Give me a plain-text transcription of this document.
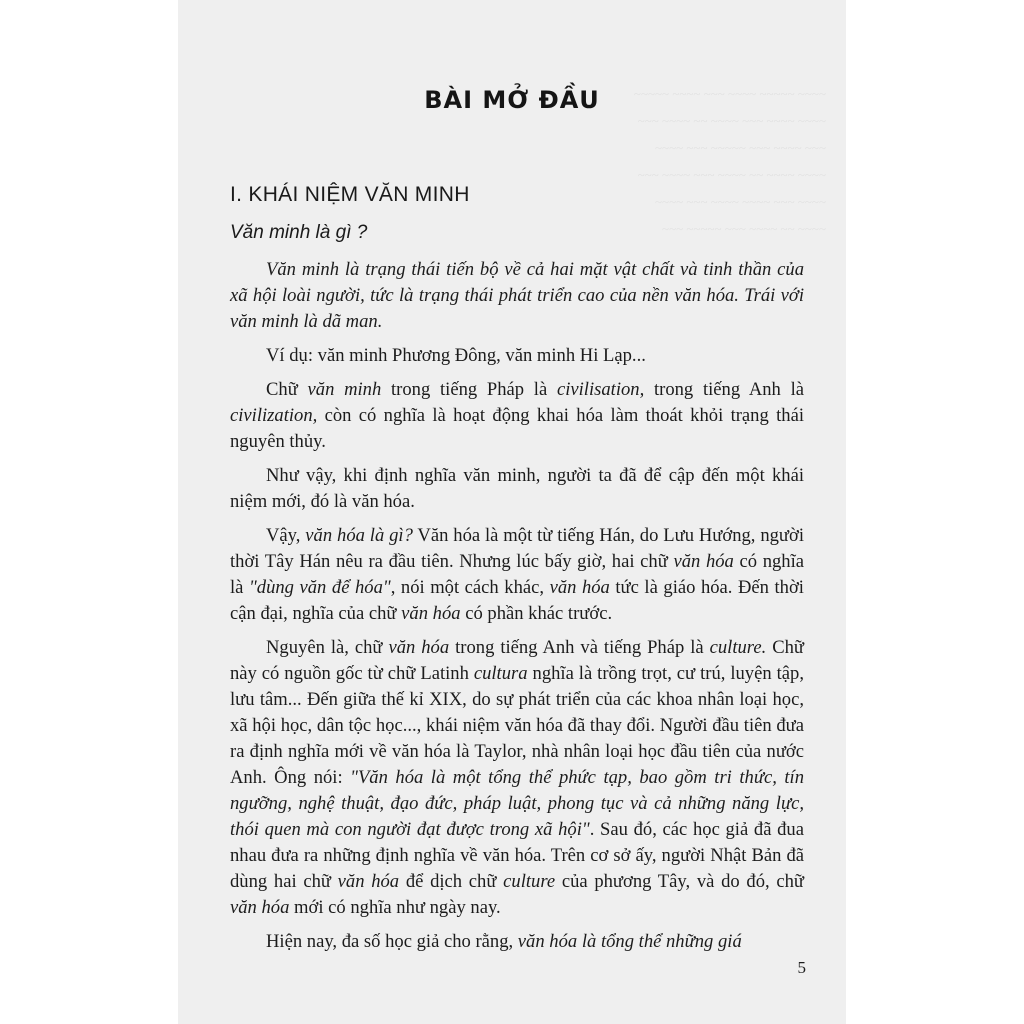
~~~~~ ~~~~ ~~~ ~~~~ ~~~~~ ~~~~
~~~ ~~~~ ~~ ~~~~ ~~~ ~~~~ ~~~~
~~~~ ~~~ ~~~~~ ~~~ ~~~~ ~~~
~~~ ~~~~ ~~~ ~~~~ ~~ ~~~~ ~~~~
~~~~ ~~~ ~~~~ ~~~~ ~~~ ~~~~
~~~ ~~~~~ ~~~ ~~~~ ~~ ~~~~
BÀI MỞ ĐẦU
I. KHÁI NIỆM VĂN MINH
Văn minh là gì ?

Văn minh là trạng thái tiến bộ về cả hai mặt vật chất và tinh thần của xã hội loài người, tức là trạng thái phát triển cao của nền văn hóa. Trái với văn minh là dã man.

Ví dụ: văn minh Phương Đông, văn minh Hi Lạp...

Chữ văn minh trong tiếng Pháp là civilisation, trong tiếng Anh là civilization, còn có nghĩa là hoạt động khai hóa làm thoát khỏi trạng thái nguyên thủy.

Như vậy, khi định nghĩa văn minh, người ta đã để cập đến một khái niệm mới, đó là văn hóa.

Vậy, văn hóa là gì? Văn hóa là một từ tiếng Hán, do Lưu Hướng, người thời Tây Hán nêu ra đầu tiên. Nhưng lúc bấy giờ, hai chữ văn hóa có nghĩa là "dùng văn để hóa", nói một cách khác, văn hóa tức là giáo hóa. Đến thời cận đại, nghĩa của chữ văn hóa có phần khác trước.

Nguyên là, chữ văn hóa trong tiếng Anh và tiếng Pháp là culture. Chữ này có nguồn gốc từ chữ Latinh cultura nghĩa là trồng trọt, cư trú, luyện tập, lưu tâm... Đến giữa thế kỉ XIX, do sự phát triển của các khoa nhân loại học, xã hội học, dân tộc học..., khái niệm văn hóa đã thay đổi. Người đầu tiên đưa ra định nghĩa mới về văn hóa là Taylor, nhà nhân loại học đầu tiên của nước Anh. Ông nói: "Văn hóa là một tổng thể phức tạp, bao gồm tri thức, tín ngưỡng, nghệ thuật, đạo đức, pháp luật, phong tục và cả những năng lực, thói quen mà con người đạt được trong xã hội". Sau đó, các học giả đã đua nhau đưa ra những định nghĩa về văn hóa. Trên cơ sở ấy, người Nhật Bản đã dùng hai chữ văn hóa để dịch chữ culture của phương Tây, và do đó, chữ văn hóa mới có nghĩa như ngày nay.

Hiện nay, đa số học giả cho rằng, văn hóa là tổng thể những giá

5
